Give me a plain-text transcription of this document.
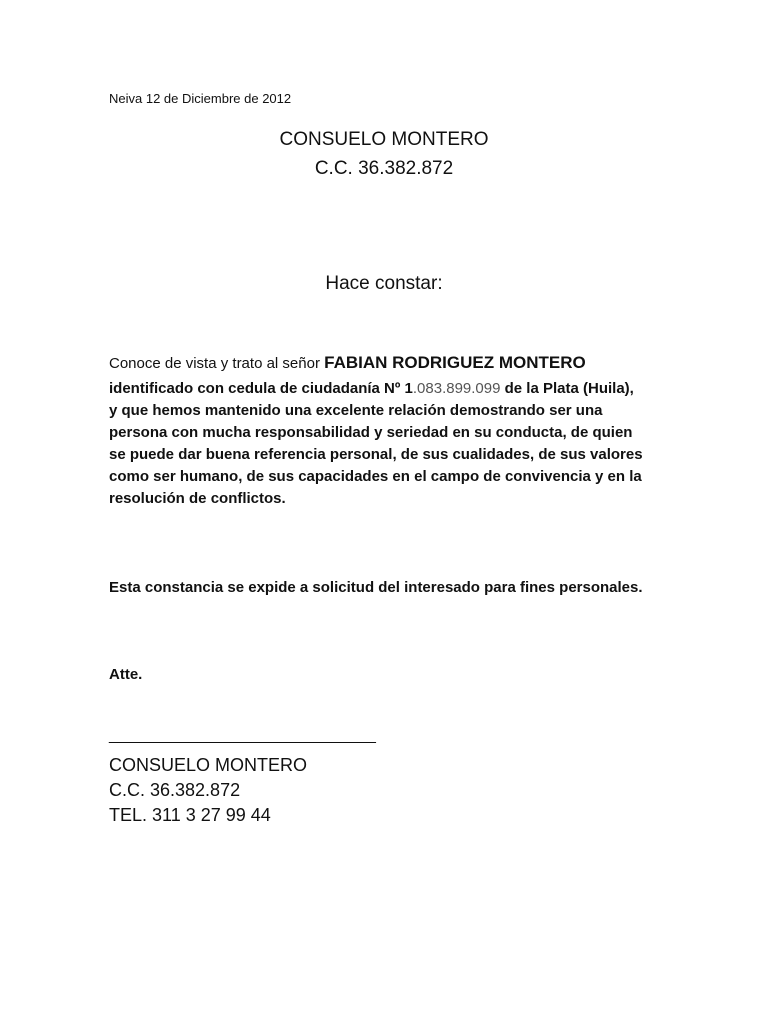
Neiva 12 de Diciembre de 2012
CONSUELO MONTERO
C.C. 36.382.872
Hace constar:
Conoce de vista y trato al señor FABIAN RODRIGUEZ MONTERO
identificado con cedula de ciudadanía Nº 1.083.899.099 de la Plata (Huila),
y que hemos mantenido una excelente relación demostrando ser una
persona con mucha responsabilidad y seriedad en su conducta, de quien
se puede dar buena referencia personal, de sus cualidades, de sus valores
como ser humano, de sus capacidades en el campo de convivencia y en la
resolución de conflictos.
Esta constancia se expide a solicitud del interesado para fines personales.
Atte.
______________________________
CONSUELO MONTERO
C.C. 36.382.872
TEL. 311 3 27 99 44
